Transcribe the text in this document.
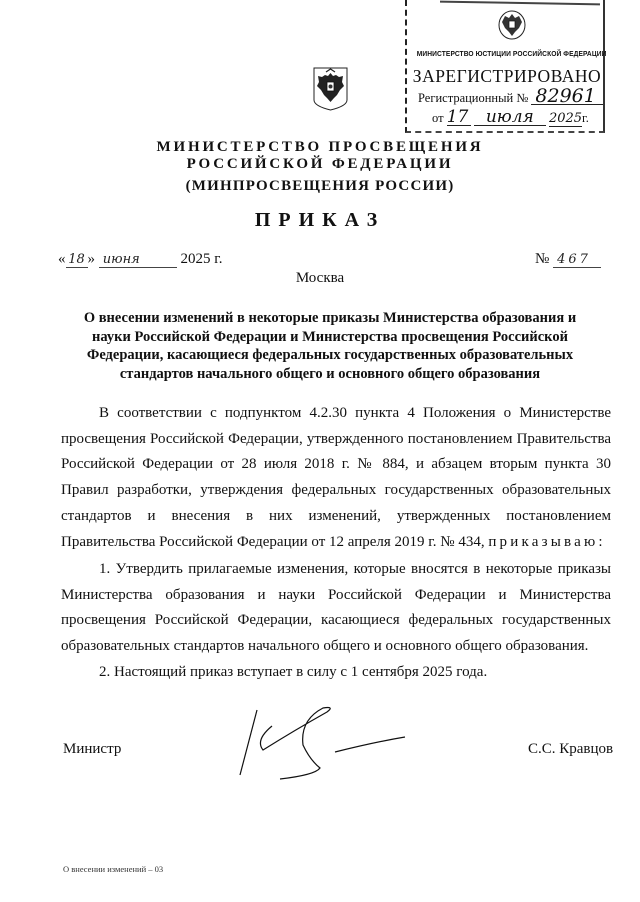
МИНИСТЕРСТВО ЮСТИЦИИ РОССИЙСКОЙ ФЕДЕРАЦИИ
ЗАРЕГИСТРИРОВАНО
Регистрационный № 82961
от 17 июля 2025г.
МИНИСТЕРСТВО ПРОСВЕЩЕНИЯ
РОССИЙСКОЙ ФЕДЕРАЦИИ
(МИНПРОСВЕЩЕНИЯ РОССИИ)
ПРИКАЗ
« 18 » июня	2025 г.	№ 467
Москва
О внесении изменений в некоторые приказы Министерства образования и науки Российской Федерации и Министерства просвещения Российской Федерации, касающиеся федеральных государственных образовательных стандартов начального общего и основного общего образования

В соответствии с подпунктом 4.2.30 пункта 4 Положения о Министерстве просвещения Российской Федерации, утвержденного постановлением Правительства Российской Федерации от 28 июля 2018 г. № 884, и абзацем вторым пункта 30 Правил разработки, утверждения федеральных государственных образовательных стандартов и внесения в них изменений, утвержденных постановлением Правительства Российской Федерации от 12 апреля 2019 г. № 434, приказываю:

1. Утвердить прилагаемые изменения, которые вносятся в некоторые приказы Министерства образования и науки Российской Федерации и Министерства просвещения Российской Федерации, касающиеся федеральных государственных образовательных стандартов начального общего и основного общего образования.

2. Настоящий приказ вступает в силу с 1 сентября 2025 года.

Министр	С.С. Кравцов
О внесении изменений – 03
